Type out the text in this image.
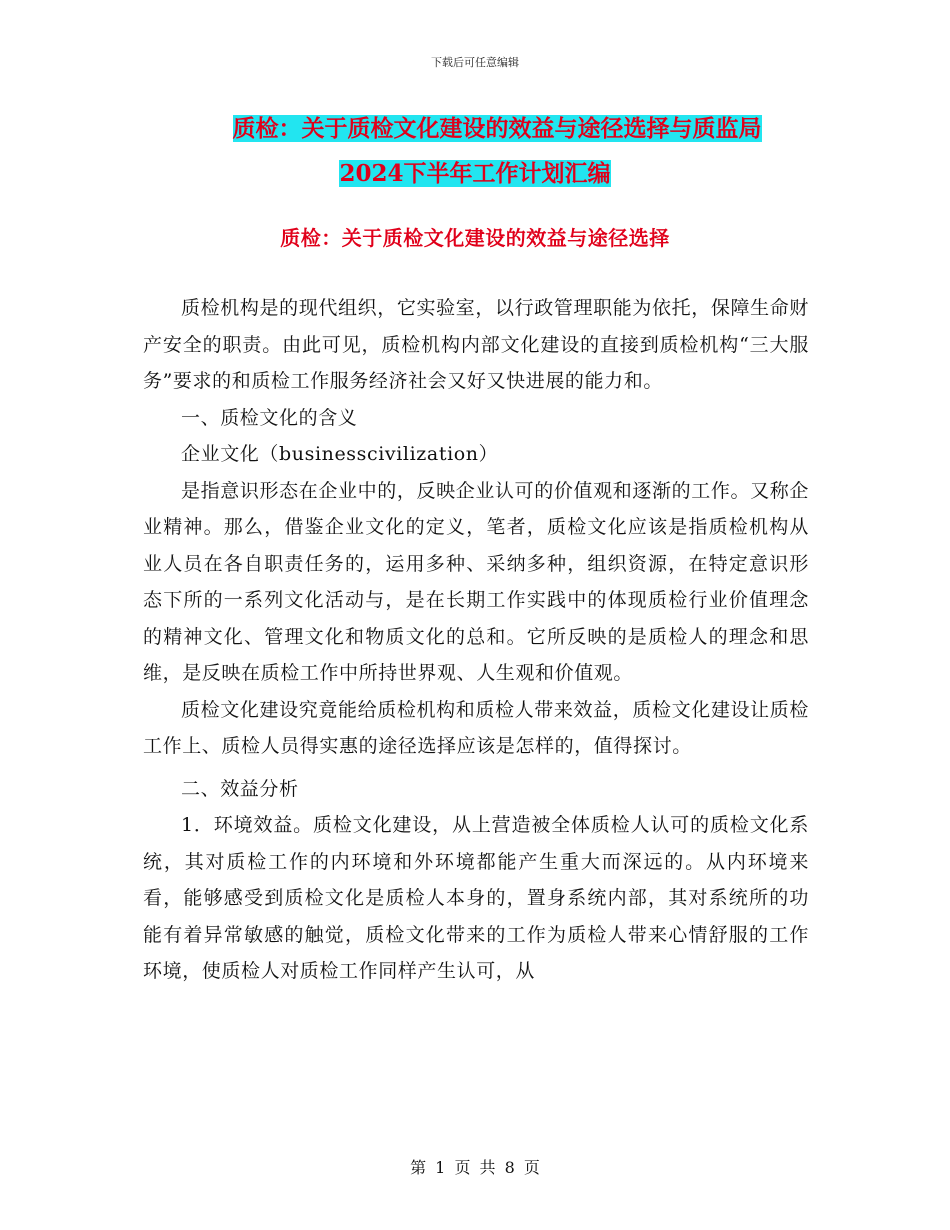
下载后可任意编辑
质检：关于质检文化建设的效益与途径选择与质监局
2024下半年工作计划汇编
质检：关于质检文化建设的效益与途径选择

质检机构是的现代组织，它实验室，以行政管理职能为依托，保障生命财产安全的职责。由此可见，质检机构内部文化建设的直接到质检机构“三大服务”要求的和质检工作服务经济社会又好又快进展的能力和。

一、质检文化的含义

企业文化（businesscivilization）

是指意识形态在企业中的，反映企业认可的价值观和逐渐的工作。又称企业精神。那么，借鉴企业文化的定义，笔者，质检文化应该是指质检机构从业人员在各自职责任务的，运用多种、采纳多种，组织资源，在特定意识形态下所的一系列文化活动与，是在长期工作实践中的体现质检行业价值理念的精神文化、管理文化和物质文化的总和。它所反映的是质检人的理念和思维，是反映在质检工作中所持世界观、人生观和价值观。

质检文化建设究竟能给质检机构和质检人带来效益，质检文化建设让质检工作上、质检人员得实惠的途径选择应该是怎样的，值得探讨。

二、效益分析

1．环境效益。质检文化建设，从上营造被全体质检人认可的质检文化系统，其对质检工作的内环境和外环境都能产生重大而深远的。从内环境来看，能够感受到质检文化是质检人本身的，置身系统内部，其对系统所的功能有着异常敏感的触觉，质检文化带来的工作为质检人带来心情舒服的工作环境，使质检人对质检工作同样产生认可，从

第 1 页 共 8 页
